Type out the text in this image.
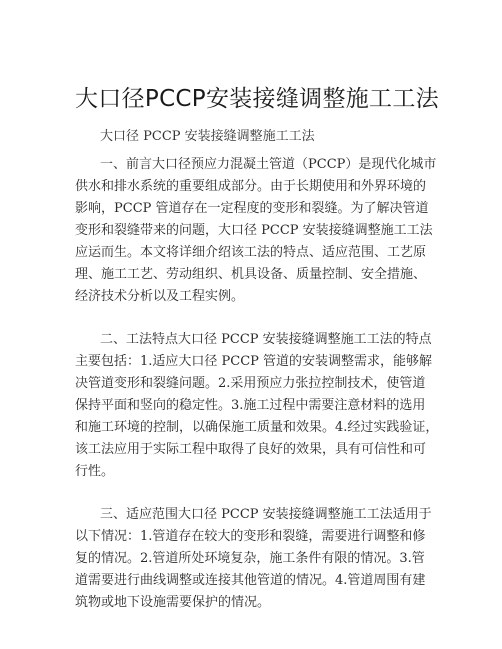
大口径PCCP安装接缝调整施工工法

大口径 PCCP 安装接缝调整施工工法

一、前言大口径预应力混凝土管道（PCCP）是现代化城市
供水和排水系统的重要组成部分。由于长期使用和外界环境的
影响，PCCP 管道存在一定程度的变形和裂缝。为了解决管道
变形和裂缝带来的问题，大口径 PCCP 安装接缝调整施工工法
应运而生。本文将详细介绍该工法的特点、适应范围、工艺原
理、施工工艺、劳动组织、机具设备、质量控制、安全措施、
经济技术分析以及工程实例。
二、工法特点大口径 PCCP 安装接缝调整施工工法的特点
主要包括：1.适应大口径 PCCP 管道的安装调整需求，能够解
决管道变形和裂缝问题。2.采用预应力张拉控制技术，使管道
保持平面和竖向的稳定性。3.施工过程中需要注意材料的选用
和施工环境的控制，以确保施工质量和效果。4.经过实践验证，
该工法应用于实际工程中取得了良好的效果，具有可信性和可
行性。
三、适应范围大口径 PCCP 安装接缝调整施工工法适用于
以下情况：1.管道存在较大的变形和裂缝，需要进行调整和修
复的情况。2.管道所处环境复杂，施工条件有限的情况。3.管
道需要进行曲线调整或连接其他管道的情况。4.管道周围有建
筑物或地下设施需要保护的情况。
